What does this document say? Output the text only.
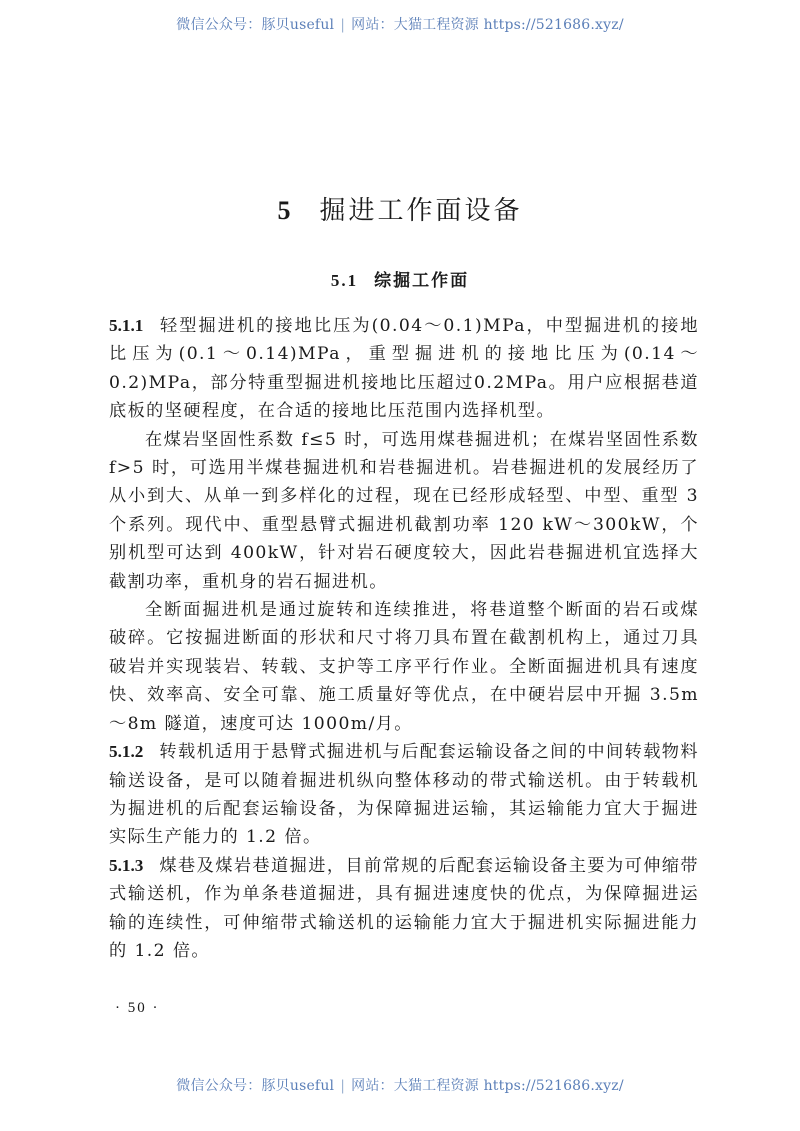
微信公众号：豚贝useful | 网站：大猫工程资源 https://521686.xyz/
5 掘进工作面设备
5.1 综掘工作面

5.1.1 轻型掘进机的接地比压为(0.04～0.1)MPa，中型掘进机的接地比压为(0.1～0.14)MPa，重型掘进机的接地比压为(0.14～0.2)MPa，部分特重型掘进机接地比压超过0.2MPa。用户应根据巷道底板的坚硬程度，在合适的接地比压范围内选择机型。

在煤岩坚固性系数 f≤5 时，可选用煤巷掘进机；在煤岩坚固性系数 f>5 时，可选用半煤巷掘进机和岩巷掘进机。岩巷掘进机的发展经历了从小到大、从单一到多样化的过程，现在已经形成轻型、中型、重型 3 个系列。现代中、重型悬臂式掘进机截割功率 120 kW～300kW，个别机型可达到 400kW，针对岩石硬度较大，因此岩巷掘进机宜选择大截割功率，重机身的岩石掘进机。

全断面掘进机是通过旋转和连续推进，将巷道整个断面的岩石或煤破碎。它按掘进断面的形状和尺寸将刀具布置在截割机构上，通过刀具破岩并实现装岩、转载、支护等工序平行作业。全断面掘进机具有速度快、效率高、安全可靠、施工质量好等优点，在中硬岩层中开掘 3.5m～8m 隧道，速度可达 1000m/月。

5.1.2 转载机适用于悬臂式掘进机与后配套运输设备之间的中间转载物料输送设备，是可以随着掘进机纵向整体移动的带式输送机。由于转载机为掘进机的后配套运输设备，为保障掘进运输，其运输能力宜大于掘进实际生产能力的 1.2 倍。

5.1.3 煤巷及煤岩巷道掘进，目前常规的后配套运输设备主要为可伸缩带式输送机，作为单条巷道掘进，具有掘进速度快的优点，为保障掘进运输的连续性，可伸缩带式输送机的运输能力宜大于掘进机实际掘进能力的 1.2 倍。

· 50 ·
微信公众号：豚贝useful | 网站：大猫工程资源 https://521686.xyz/
